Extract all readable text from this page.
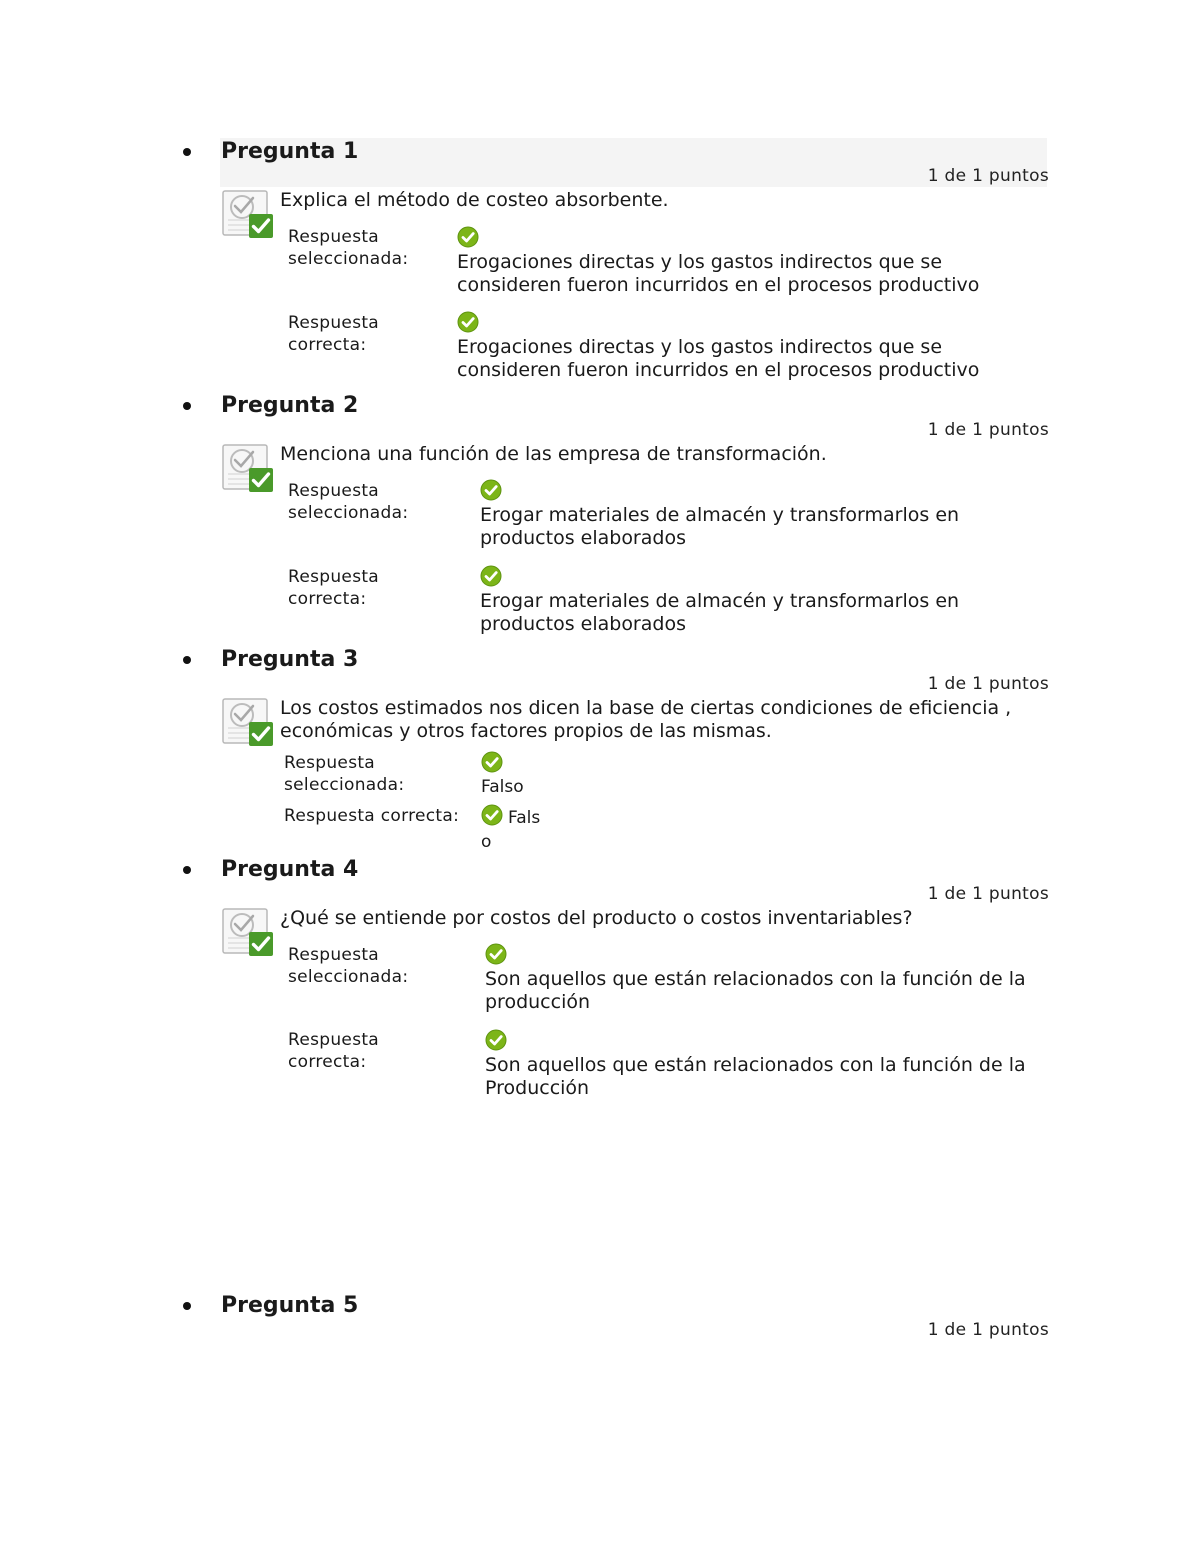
Pregunta 1
1 de 1 puntos
Explica el método de costeo absorbente.
Respuesta
seleccionada:	Erogaciones directas y los gastos indirectos que se
consideren fueron incurridos en el procesos productivo
Respuesta
correcta:	Erogaciones directas y los gastos indirectos que se
consideren fueron incurridos en el procesos productivo
Pregunta 2
1 de 1 puntos
Menciona una función de las empresa de transformación.
Respuesta
seleccionada:	Erogar materiales de almacén y transformarlos en
productos elaborados
Respuesta
correcta:	Erogar materiales de almacén y transformarlos en
productos elaborados
Pregunta 3
1 de 1 puntos
Los costos estimados nos dicen la base de ciertas condiciones de eficiencia ,
económicas y otros factores propios de las mismas.
Respuesta
seleccionada:	Falso
Respuesta correcta:	Fals
o
Pregunta 4
1 de 1 puntos
¿Qué se entiende por costos del producto o costos inventariables?
Respuesta
seleccionada:	Son aquellos que están relacionados con la función de la
producción
Respuesta
correcta:	Son aquellos que están relacionados con la función de la
Producción
Pregunta 5
1 de 1 puntos
